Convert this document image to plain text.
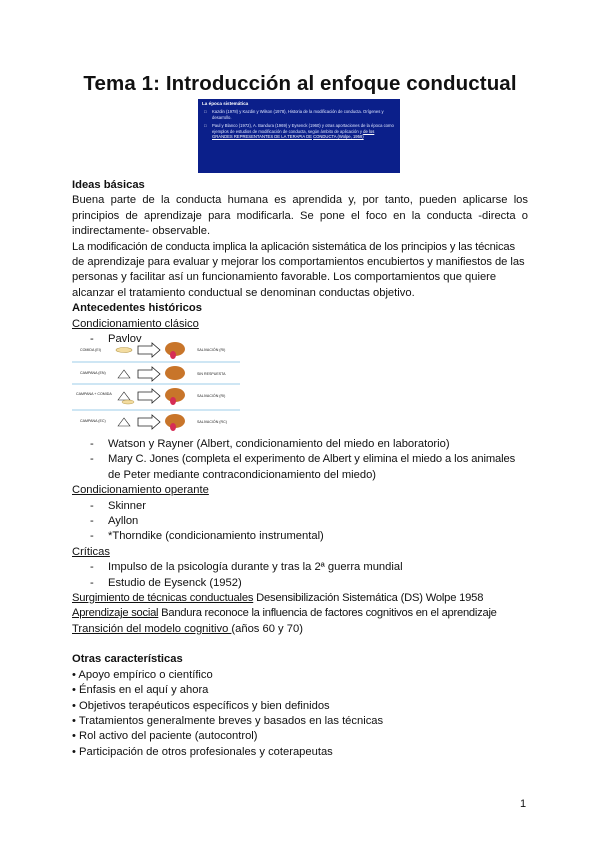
Tema 1: Introducción al enfoque conductual
La época sistemática
□ Kazdin (1978) y Kazdin y Wilson (1978), Historia de la modificación de conducta. Orígenes y desarrollo.
□ Paul y Blanco (1972), A. Bandura (1969) y Eysenck (1960) y otras aportaciones de la época como ejemplos de estudios de modificación de conducta, según ámbito de aplicación y de los GRANDES REPRESENTANTES DE LA TERAPIA DE CONDUCTA (Wolpe, 1958)
Ideas básicas
Buena parte de la conducta humana es aprendida y, por tanto, pueden aplicarse los
principios de aprendizaje para modificarla. Se pone el foco en la conducta -directa o
indirectamente- observable.
La modificación de conducta implica la aplicación sistemática de los principios y las técnicas
de aprendizaje para evaluar y mejorar los comportamientos encubiertos y manifiestos de las
personas y facilitar así un funcionamiento favorable. Los comportamientos que quiere
alcanzar el tratamiento conductual se denominan conductas objetivo.
Antecedentes históricos
Condicionamiento clásico
- Pavlov
COMIDA (EI)	SALIVACIÓN (RI)
CAMPANA (EN)	SIN RESPUESTA
CAMPANA + COMIDA	SALIVACIÓN (RI)
CAMPANA (EC)	SALIVACIÓN (RC)
- Watson y Rayner (Albert, condicionamiento del miedo en laboratorio)
- Mary C. Jones (completa el experimento de Albert y elimina el miedo a los animales
de Peter mediante contracondicionamiento del miedo)
Condicionamiento operante
- Skinner
- Ayllon
- *Thorndike (condicionamiento instrumental)
Críticas
- Impulso de la psicología durante y tras la 2ª guerra mundial
- Estudio de Eysenck (1952)
Surgimiento de técnicas conductuales Desensibilización Sistemática (DS) Wolpe 1958
Aprendizaje social Bandura reconoce la influencia de factores cognitivos en el aprendizaje
Transición del modelo cognitivo (años 60 y 70)
Otras características
• Apoyo empírico o científico
• Énfasis en el aquí y ahora
• Objetivos terapéuticos específicos y bien definidos
• Tratamientos generalmente breves y basados en las técnicas
• Rol activo del paciente (autocontrol)
• Participación de otros profesionales y coterapeutas
1
